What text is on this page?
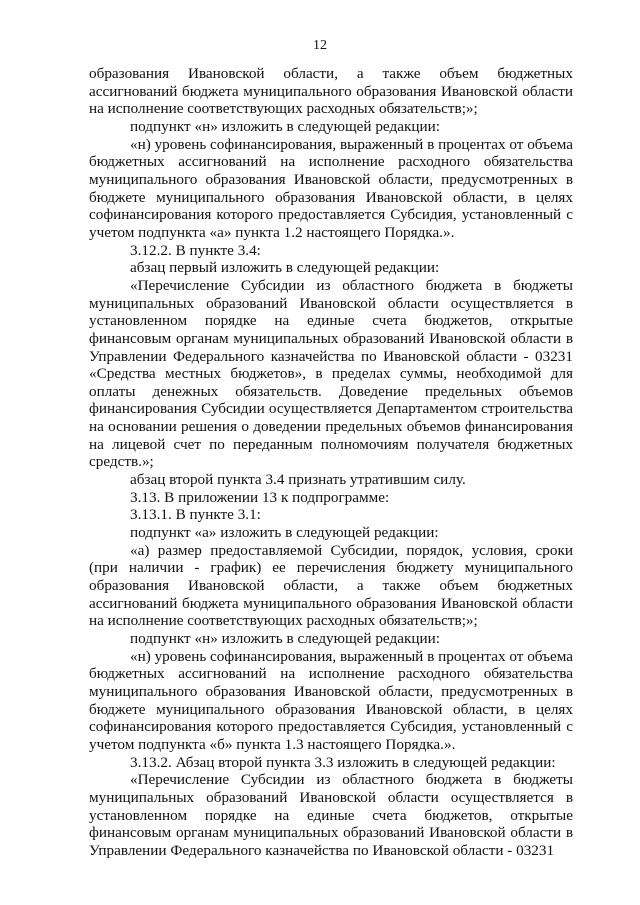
12

образования Ивановской области, а также объем бюджетных ассигнований бюджета муниципального образования Ивановской области на исполнение соответствующих расходных обязательств;»;

подпункт «н» изложить в следующей редакции:

«н) уровень софинансирования, выраженный в процентах от объема бюджетных ассигнований на исполнение расходного обязательства муниципального образования Ивановской области, предусмотренных в бюджете муниципального образования Ивановской области, в целях софинансирования которого предоставляется Субсидия, установленный с учетом подпункта «а» пункта 1.2 настоящего Порядка.».

3.12.2. В пункте 3.4:

абзац первый изложить в следующей редакции:

«Перечисление Субсидии из областного бюджета в бюджеты муниципальных образований Ивановской области осуществляется в установленном порядке на единые счета бюджетов, открытые финансовым органам муниципальных образований Ивановской области в Управлении Федерального казначейства по Ивановской области - 03231 «Средства местных бюджетов», в пределах суммы, необходимой для оплаты денежных обязательств. Доведение предельных объемов финансирования Субсидии осуществляется Департаментом строительства на основании решения о доведении предельных объемов финансирования на лицевой счет по переданным полномочиям получателя бюджетных средств.»;

абзац второй пункта 3.4 признать утратившим силу.

3.13. В приложении 13 к подпрограмме:

3.13.1. В пункте 3.1:

подпункт «а» изложить в следующей редакции:

«а) размер предоставляемой Субсидии, порядок, условия, сроки (при наличии - график) ее перечисления бюджету муниципального образования Ивановской области, а также объем бюджетных ассигнований бюджета муниципального образования Ивановской области на исполнение соответствующих расходных обязательств;»;

подпункт «н» изложить в следующей редакции:

«н) уровень софинансирования, выраженный в процентах от объема бюджетных ассигнований на исполнение расходного обязательства муниципального образования Ивановской области, предусмотренных в бюджете муниципального образования Ивановской области, в целях софинансирования которого предоставляется Субсидия, установленный с учетом подпункта «б» пункта 1.3 настоящего Порядка.».

3.13.2. Абзац второй пункта 3.3 изложить в следующей редакции:

«Перечисление Субсидии из областного бюджета в бюджеты муниципальных образований Ивановской области осуществляется в установленном порядке на единые счета бюджетов, открытые финансовым органам муниципальных образований Ивановской области в Управлении Федерального казначейства по Ивановской области - 03231
